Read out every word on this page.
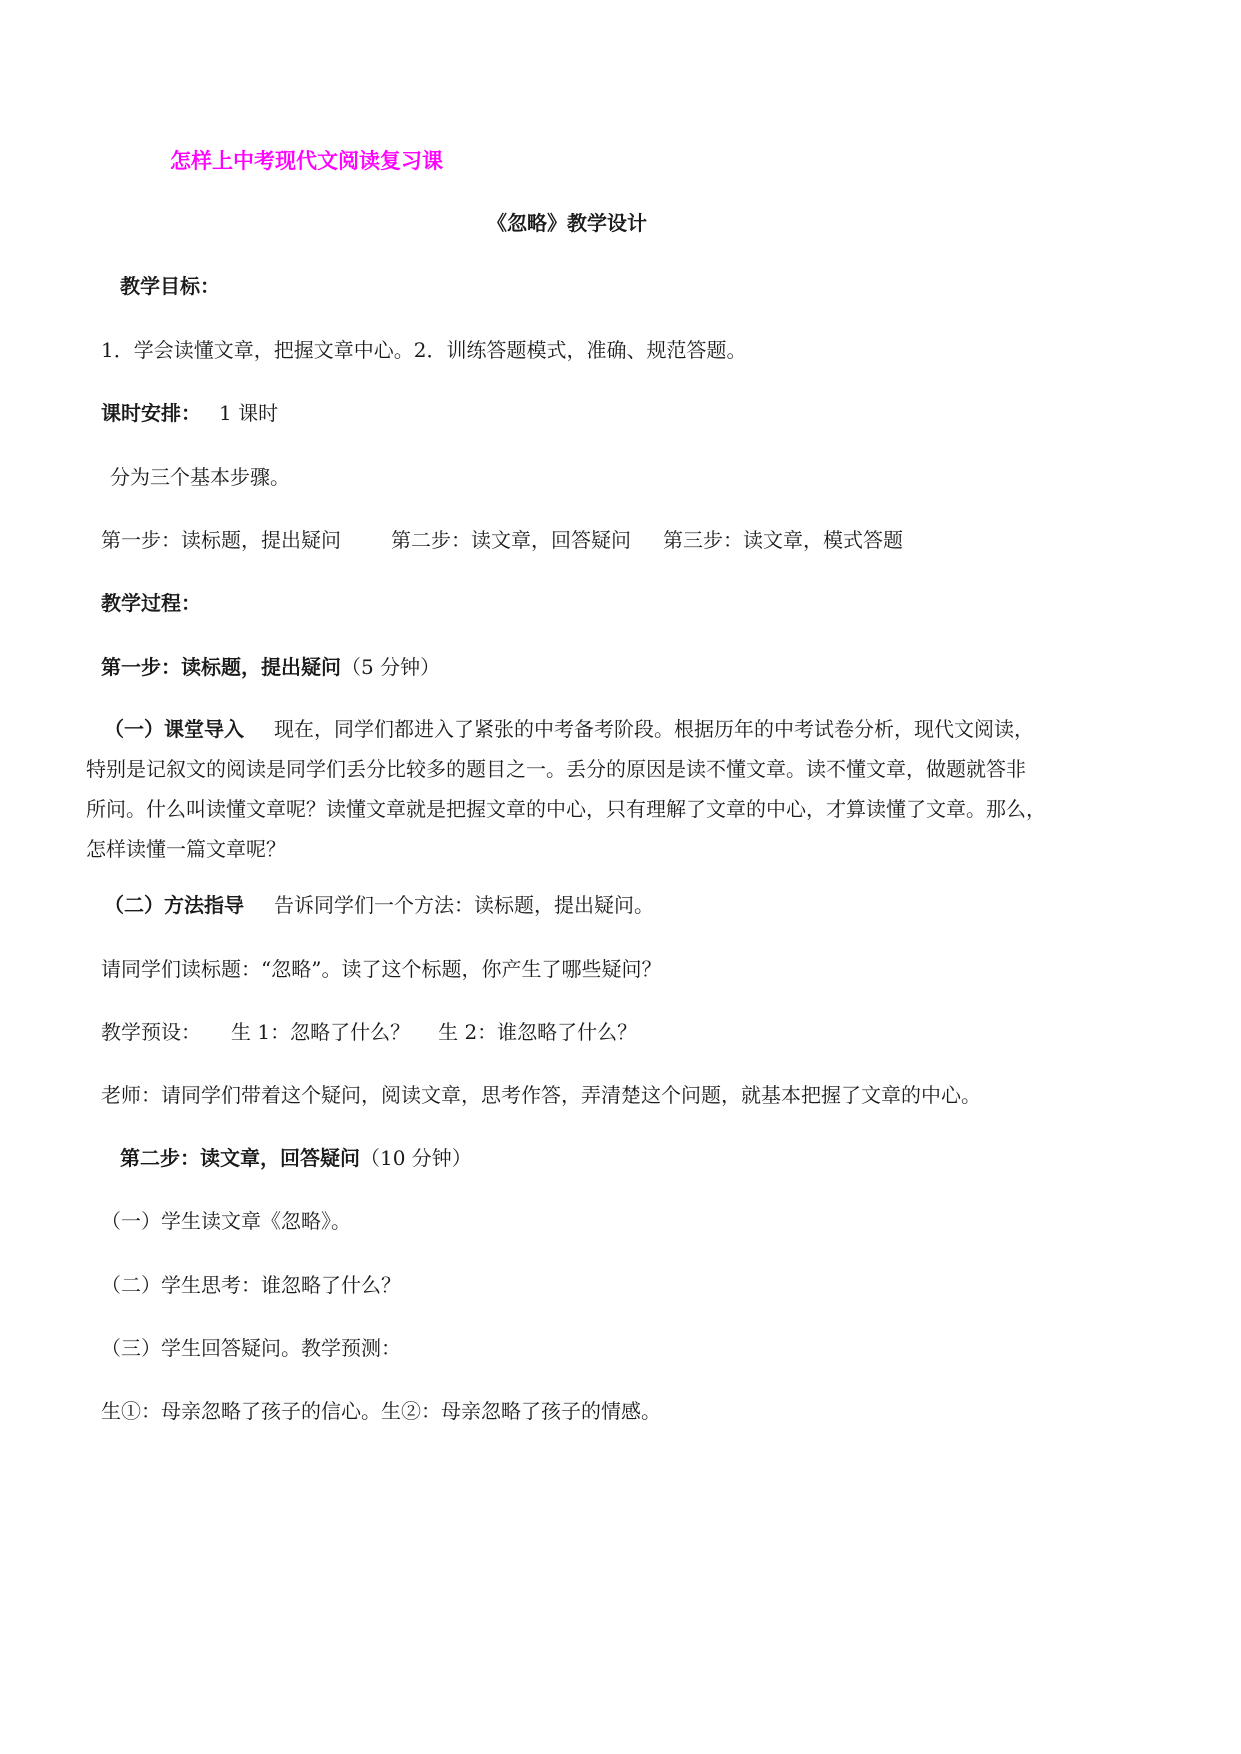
怎样上中考现代文阅读复习课
《忽略》教学设计
教学目标：
1．学会读懂文章，把握文章中心。2．训练答题模式，准确、规范答题。
课时安排： 1 课时
分为三个基本步骤。
第一步：读标题，提出疑问	第二步：读文章，回答疑问 第三步：读文章，模式答题
教学过程：
第一步：读标题，提出疑问（5 分钟）
（一）课堂导入 现在，同学们都进入了紧张的中考备考阶段。根据历年的中考试卷分析，现代文阅读，
特别是记叙文的阅读是同学们丢分比较多的题目之一。丢分的原因是读不懂文章。读不懂文章，做题就答非
所问。什么叫读懂文章呢？读懂文章就是把握文章的中心，只有理解了文章的中心，才算读懂了文章。那么，
怎样读懂一篇文章呢？
（二）方法指导 告诉同学们一个方法：读标题，提出疑问。
请同学们读标题：“忽略”。读了这个标题，你产生了哪些疑问？
教学预设： 生 1：忽略了什么？ 生 2：谁忽略了什么？
老师：请同学们带着这个疑问，阅读文章，思考作答，弄清楚这个问题，就基本把握了文章的中心。
第二步：读文章，回答疑问（10 分钟）
（一）学生读文章《忽略》。
（二）学生思考：谁忽略了什么？
（三）学生回答疑问。教学预测：
生①：母亲忽略了孩子的信心。生②：母亲忽略了孩子的情感。
